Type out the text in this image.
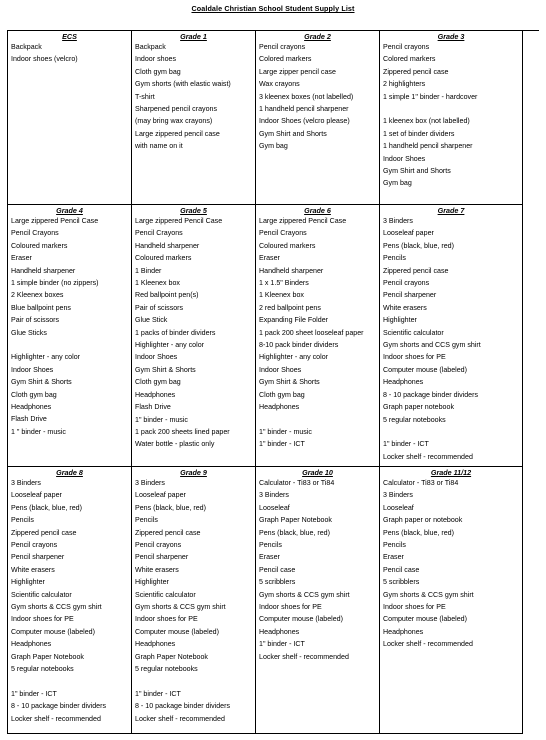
Coaldale Christian School Student Supply List
ECS
Backpack
Indoor shoes (velcro)
Grade 1
Backpack
Indoor shoes
Cloth gym bag
Gym shorts (with elastic waist)
T-shirt
Sharpened pencil crayons
(may bring wax crayons)
Large zippered pencil case
with name on it
Grade 2
Pencil crayons
Colored markers
Large zipper pencil case
Wax crayons
3 kleenex boxes (not labelled)
1 handheld pencil sharpener
Indoor Shoes (velcro please)
Gym Shirt and Shorts
Gym bag
Grade 3
Pencil crayons
Colored markers
Zippered pencil case
2 highlighters
1 simple 1" binder - hardcover
1 kleenex box (not labelled)
1 set of binder dividers
1 handheld pencil sharpener
Indoor Shoes
Gym Shirt and Shorts
Gym bag
Grade 4
Large zippered Pencil Case
Pencil Crayons
Coloured markers
Eraser
Handheld sharpener
1 simple binder (no zippers)
2 Kleenex boxes
Blue ballpoint pens
Pair of scissors
Glue Sticks
Highlighter - any color
Indoor Shoes
Gym Shirt & Shorts
Cloth gym bag
Headphones
Flash Drive
1 " binder - music
Grade 5
Large zippered Pencil Case
Pencil Crayons
Handheld sharpener
Coloured markers
1 Binder
1 Kleenex box
Red ballpoint pen(s)
Pair of scissors
Glue Stick
1 packs of binder dividers
Highlighter - any color
Indoor Shoes
Gym Shirt & Shorts
Cloth gym bag
Headphones
Flash Drive
1" binder - music
1 pack 200 sheets lined paper
Water bottle - plastic only
Grade 6
Large zippered Pencil Case
Pencil Crayons
Coloured markers
Eraser
Handheld sharpener
1 x 1.5" Binders
1 Kleenex box
2 red ballpoint pens
Expanding File Folder
1 pack 200 sheet looseleaf paper
8-10 pack binder dividers
Highlighter - any color
Indoor Shoes
Gym Shirt & Shorts
Cloth gym bag
Headphones
1" binder - music
1" binder - ICT
Grade 7
3 Binders
Looseleaf paper
Pens (black, blue, red)
Pencils
Zippered pencil case
Pencil crayons
Pencil sharpener
White erasers
Highlighter
Scientific calculator
Gym shorts and CCS gym shirt
Indoor shoes for PE
Computer mouse (labeled)
Headphones
8 - 10 package binder dividers
Graph paper notebook
5 regular notebooks
1" binder - ICT
Locker shelf - recommended
Grade 8
3 Binders
Looseleaf paper
Pens (black, blue, red)
Pencils
Zippered pencil case
Pencil crayons
Pencil sharpener
White erasers
Highlighter
Scientific calculator
Gym shorts & CCS gym shirt
Indoor shoes for PE
Computer mouse (labeled)
Headphones
Graph Paper Notebook
5 regular notebooks
1" binder - ICT
8 - 10 package binder dividers
Locker shelf - recommended
Grade 9
3 Binders
Looseleaf paper
Pens (black, blue, red)
Pencils
Zippered pencil case
Pencil crayons
Pencil sharpener
White erasers
Highlighter
Scientific calculator
Gym shorts & CCS gym shirt
Indoor shoes for PE
Computer mouse (labeled)
Headphones
Graph Paper Notebook
5 regular notebooks
1" binder - ICT
8 - 10 package binder dividers
Locker shelf - recommended
Grade 10
Calculator - Ti83 or Ti84
3 Binders
Looseleaf
Graph Paper Notebook
Pens (black, blue, red)
Pencils
Eraser
Pencil case
5 scribblers
Gym shorts & CCS gym shirt
Indoor shoes for PE
Computer mouse (labeled)
Headphones
1" binder - ICT
Locker shelf - recommended
Grade 11/12
Calculator - Ti83 or Ti84
3 Binders
Looseleaf
Graph paper or notebook
Pens (black, blue, red)
Pencils
Eraser
Pencil case
5 scribblers
Gym shorts & CCS gym shirt
Indoor shoes for PE
Computer mouse (labeled)
Headphones
Locker shelf - recommended
